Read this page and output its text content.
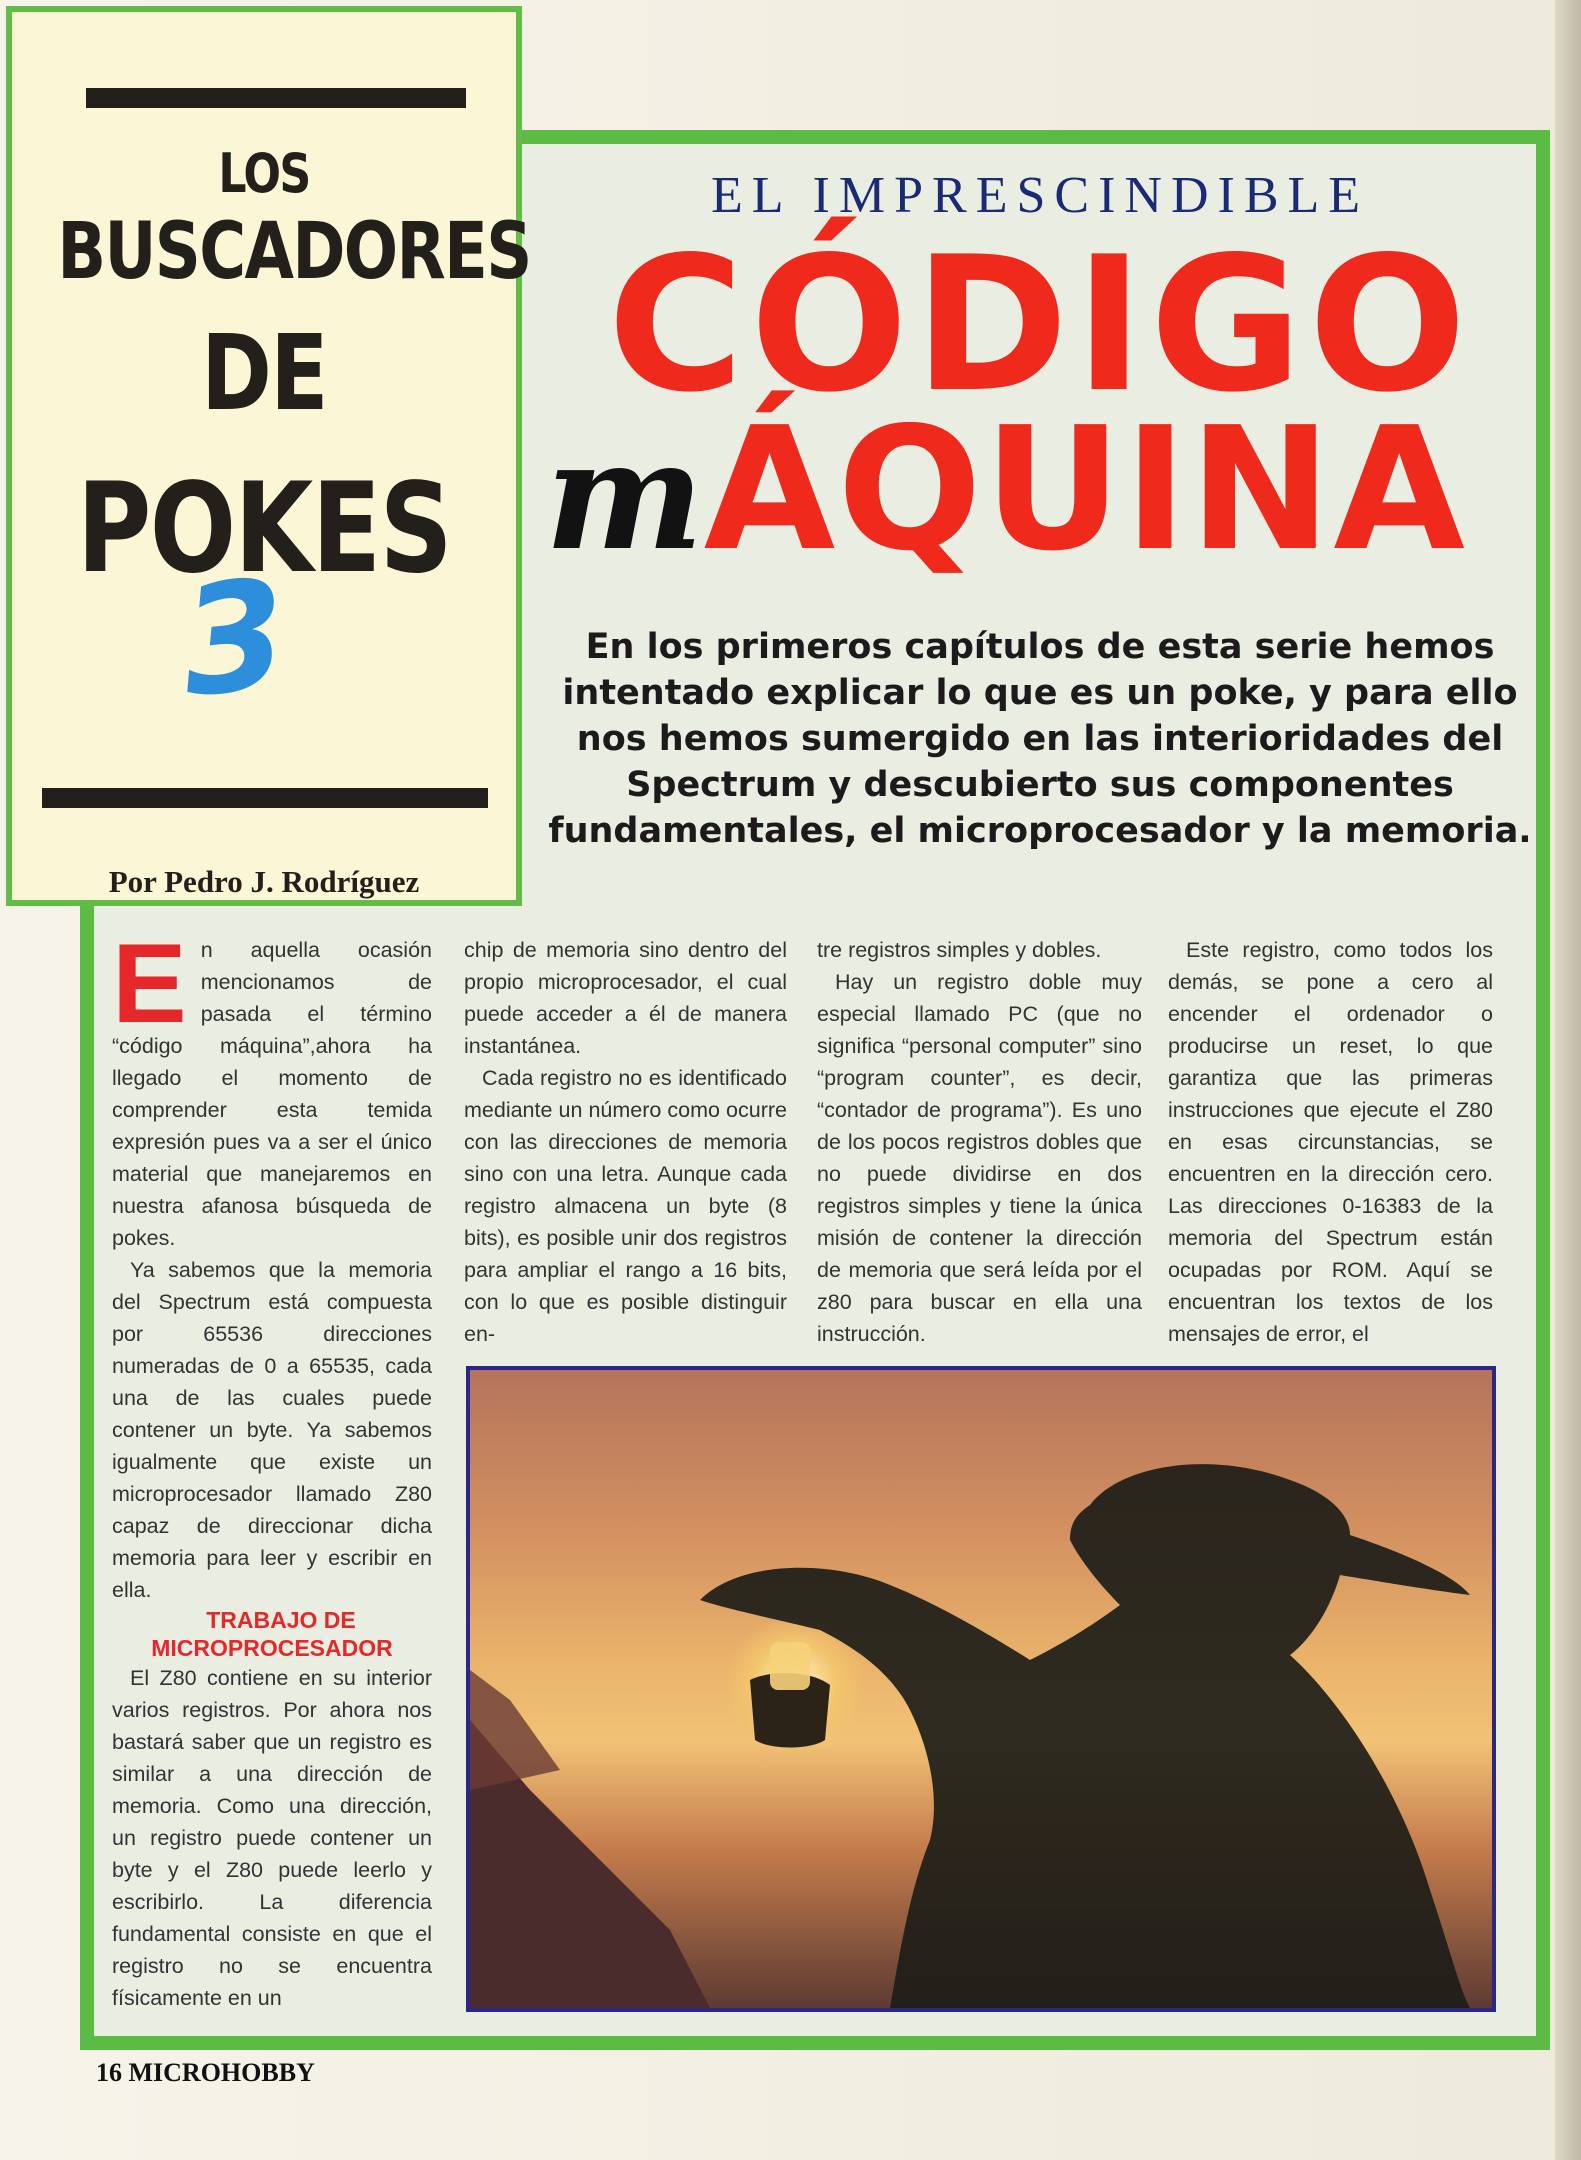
LOS
BUSCADORES
DE
POKES
3
Por Pedro J. Rodríguez
EL IMPRESCINDIBLE
CÓDIGO
mÁQUINA
En los primeros capítulos de esta serie hemos intentado explicar lo que es un poke, y para ello nos hemos sumergido en las interioridades del Spectrum y descubierto sus componentes fundamentales, el microprocesador y la memoria.
E n aquella ocasión mencionamos de pasada el término “código máquina”,ahora ha llegado el momento de comprender esta temida expresión pues va a ser el único material que manejaremos en nuestra afanosa búsqueda de pokes.

Ya sabemos que la memoria del Spectrum está compuesta por 65536 direcciones numeradas de 0 a 65535, cada una de las cuales puede contener un byte. Ya sabemos igualmente que existe un microprocesador llamado Z80 capaz de direccionar dicha memoria para leer y escribir en ella.

TRABAJO DE MICROPROCESADOR

El Z80 contiene en su interior varios registros. Por ahora nos bastará saber que un registro es similar a una dirección de memoria. Como una dirección, un registro puede contener un byte y el Z80 puede leerlo y escribirlo. La diferencia fundamental consiste en que el registro no se encuentra físicamente en un

chip de memoria sino dentro del propio microprocesador, el cual puede acceder a él de manera instantánea.

Cada registro no es identificado mediante un número como ocurre con las direcciones de memoria sino con una letra. Aunque cada registro almacena un byte (8 bits), es posible unir dos registros para ampliar el rango a 16 bits, con lo que es posible distinguir en-

tre registros simples y dobles.

Hay un registro doble muy especial llamado PC (que no significa “personal computer” sino “program counter”, es decir, “contador de programa”). Es uno de los pocos registros dobles que no puede dividirse en dos registros simples y tiene la única misión de contener la dirección de memoria que será leída por el z80 para buscar en ella una instrucción.

Este registro, como todos los demás, se pone a cero al encender el ordenador o producirse un reset, lo que garantiza que las primeras instrucciones que ejecute el Z80 en esas circunstancias, se encuentren en la dirección cero. Las direcciones 0-16383 de la memoria del Spectrum están ocupadas por ROM. Aquí se encuentran los textos de los mensajes de error, el

16 MICROHOBBY
